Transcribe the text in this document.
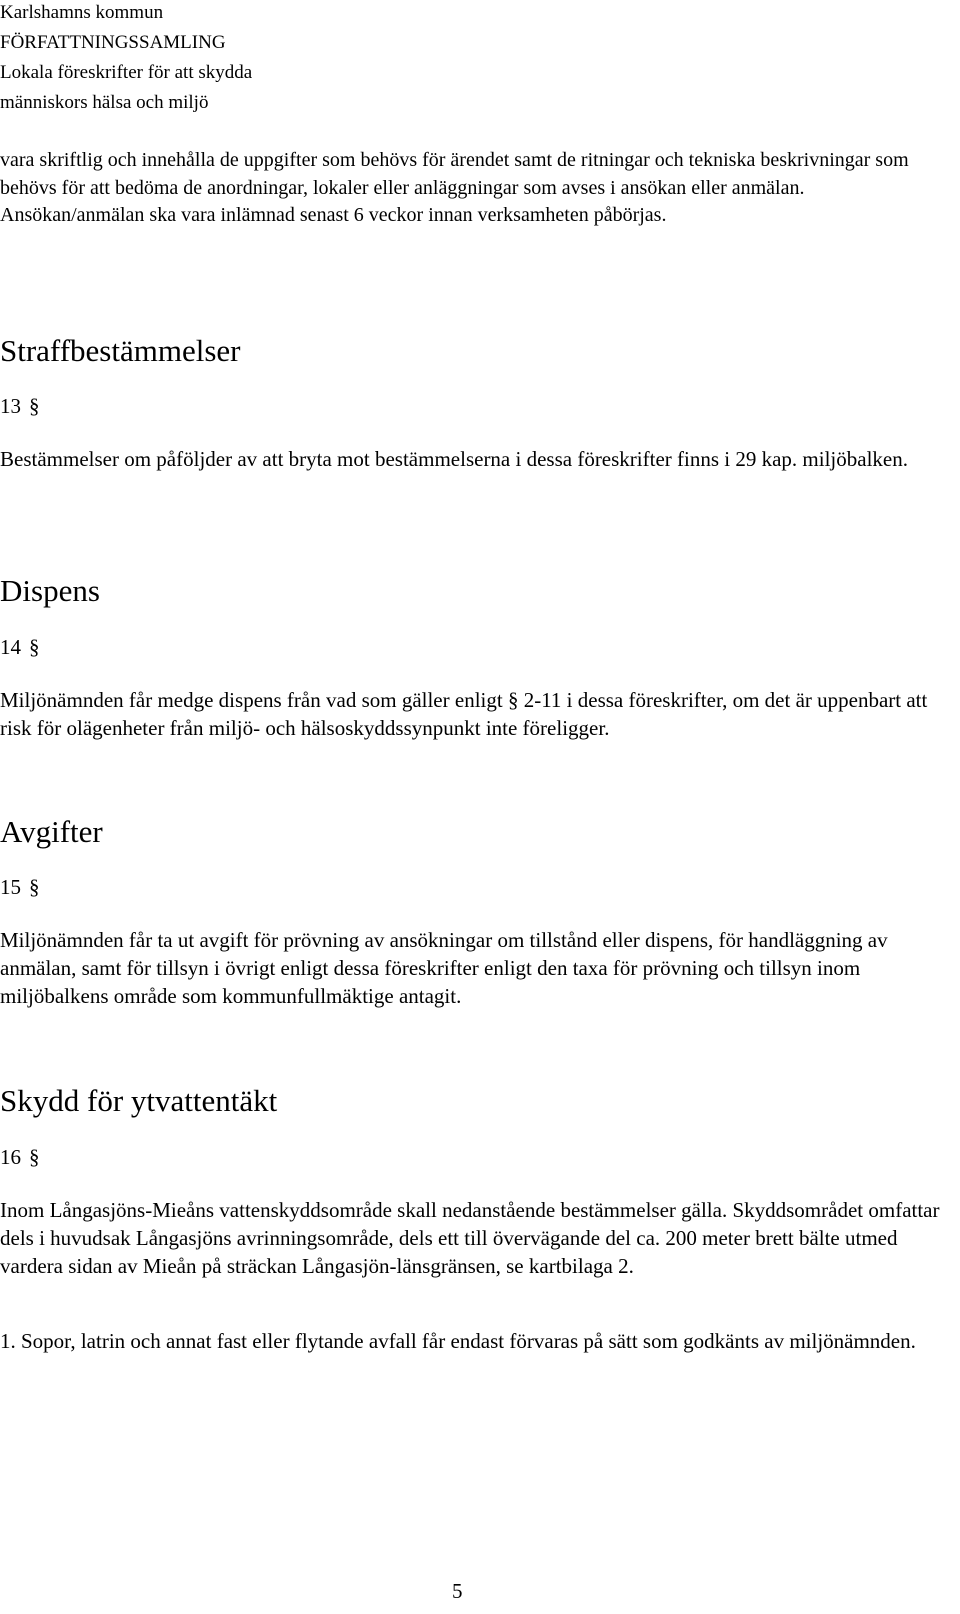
Karlshamns kommun
FÖRFATTNINGSSAMLING
Lokala föreskrifter för att skydda
människors hälsa och miljö
vara skriftlig och innehålla de uppgifter som behövs för ärendet samt de ritningar och tekniska beskrivningar som behövs för att bedöma de anordningar, lokaler eller anläggningar som avses i ansökan eller anmälan. Ansökan/anmälan ska vara inlämnad senast 6 veckor innan verksamheten påbörjas.
Straffbestämmelser
13 §
Bestämmelser om påföljder av att bryta mot bestämmelserna i dessa föreskrifter finns i 29 kap. miljöbalken.
Dispens
14 §
Miljönämnden får medge dispens från vad som gäller enligt § 2-11 i dessa föreskrifter, om det är uppenbart att risk för olägenheter från miljö- och hälsoskyddssynpunkt inte föreligger.
Avgifter
15 §
Miljönämnden får ta ut avgift för prövning av ansökningar om tillstånd eller dispens, för handläggning av anmälan, samt för tillsyn i övrigt enligt dessa föreskrifter enligt den taxa för prövning och tillsyn inom miljöbalkens område som kommunfullmäktige antagit.
Skydd för ytvattentäkt
16 §
Inom Långasjöns-Mieåns vattenskyddsområde skall nedanstående bestämmelser gälla. Skyddsområdet omfattar dels i huvudsak Långasjöns avrinningsområde, dels ett till övervägande del ca. 200 meter brett bälte utmed vardera sidan av Mieån på sträckan Långasjön-länsgränsen, se kartbilaga 2.
1. Sopor, latrin och annat fast eller flytande avfall får endast förvaras på sätt som godkänts av miljönämnden.
5
